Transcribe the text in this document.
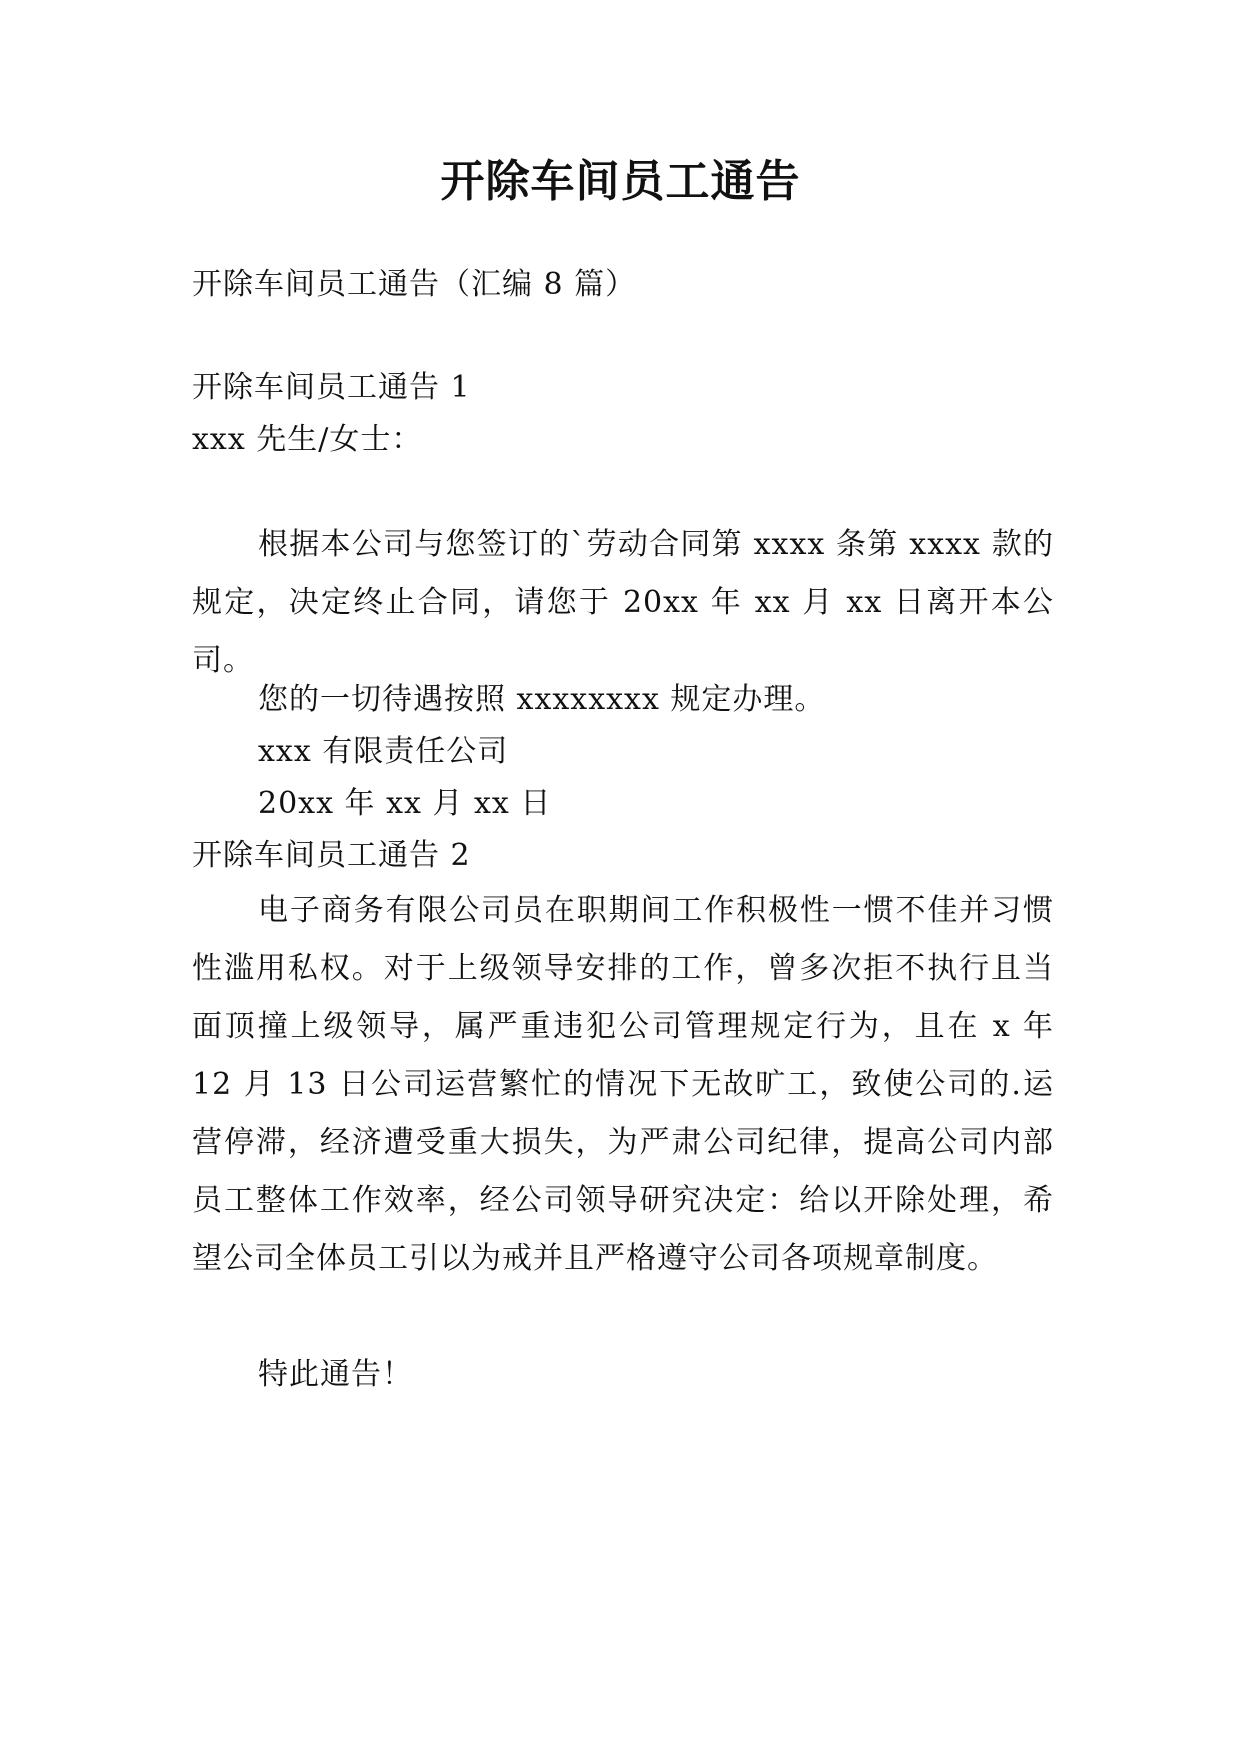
开除车间员工通告
开除车间员工通告（汇编 8 篇）
开除车间员工通告 1
xxx 先生/女士：
根据本公司与您签订的`劳动合同第 xxxx 条第 xxxx 款的规定，决定终止合同，请您于 20xx 年 xx 月 xx 日离开本公司。
您的一切待遇按照 xxxxxxxx 规定办理。
xxx 有限责任公司
20xx 年 xx 月 xx 日
开除车间员工通告 2
电子商务有限公司员在职期间工作积极性一惯不佳并习惯性滥用私权。对于上级领导安排的工作，曾多次拒不执行且当面顶撞上级领导，属严重违犯公司管理规定行为，且在 x 年 12 月 13 日公司运营繁忙的情况下无故旷工，致使公司的.运营停滞，经济遭受重大损失，为严肃公司纪律，提高公司内部员工整体工作效率，经公司领导研究决定：给以开除处理，希望公司全体员工引以为戒并且严格遵守公司各项规章制度。
特此通告！
